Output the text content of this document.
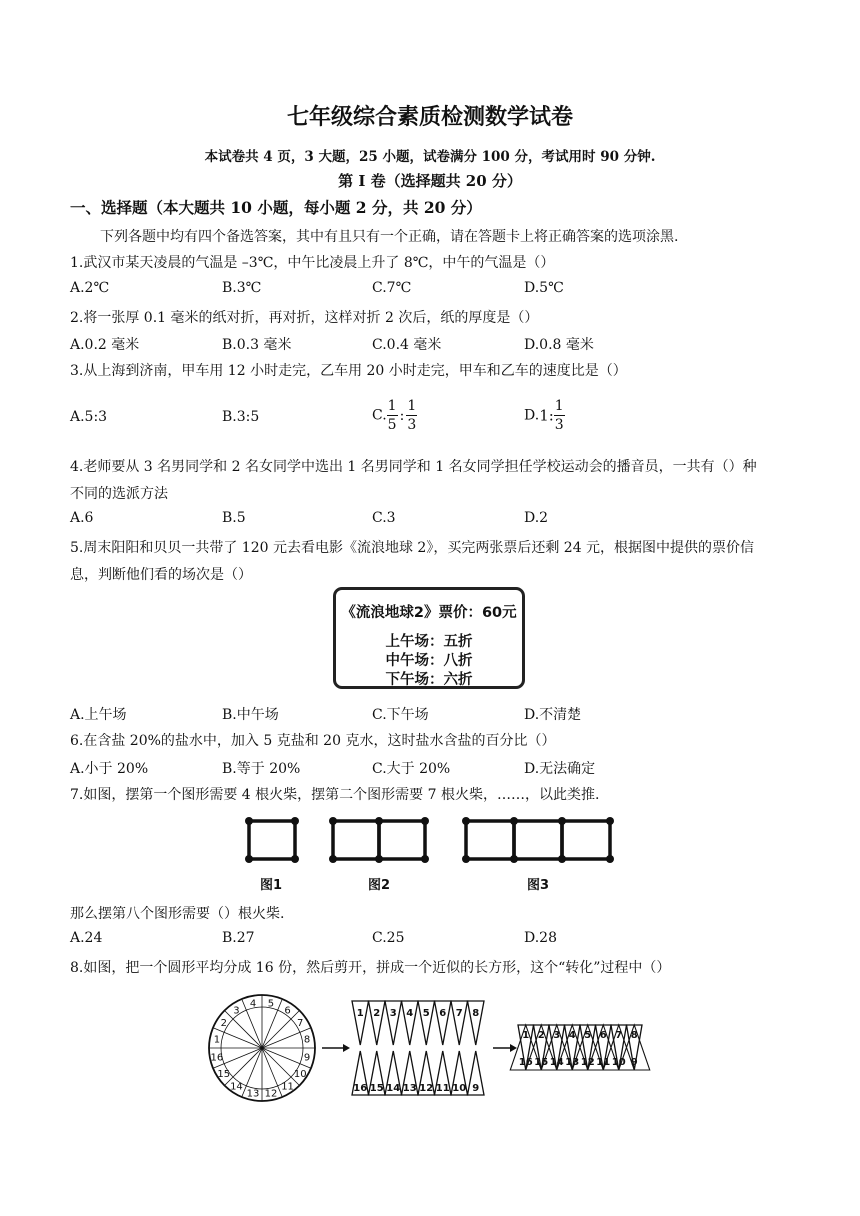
七年级综合素质检测数学试卷
本试卷共 4 页，3 大题，25 小题，试卷满分 100 分，考试用时 90 分钟.
第 I 卷（选择题共 20 分）
一、选择题（本大题共 10 小题，每小题 2 分，共 20 分）
下列各题中均有四个备选答案，其中有且只有一个正确，请在答题卡上将正确答案的选项涂黑.
1.武汉市某天凌晨的气温是 –3℃，中午比凌晨上升了 8℃，中午的气温是（）
A.2℃	B.3℃	C.7℃	D.5℃
2.将一张厚 0.1 毫米的纸对折，再对折，这样对折 2 次后，纸的厚度是（）
A.0.2 毫米	B.0.3 毫米	C.0.4 毫米	D.0.8 毫米
3.从上海到济南，甲车用 12 小时走完，乙车用 20 小时走完，甲车和乙车的速度比是（）
A.5:3	B.3:5	C. $\frac{1}{5}$ : $\frac{1}{3}$	D.1: $\frac{1}{3}$
4.老师要从 3 名男同学和 2 名女同学中选出 1 名男同学和 1 名女同学担任学校运动会的播音员，一共有（）种
不同的选派方法
A.6	B.5	C.3	D.2
5.周末阳阳和贝贝一共带了 120 元去看电影《流浪地球 2》，买完两张票后还剩 24 元，根据图中提供的票价信
息，判断他们看的场次是（）
《流浪地球2》票价：60元
上午场：五折
中午场：八折
下午场：六折
A.上午场	B.中午场	C.下午场	D.不清楚
6.在含盐 20%的盐水中，加入 5 克盐和 20 克水，这时盐水含盐的百分比（）
A.小于 20%	B.等于 20%	C.大于 20%	D.无法确定
7.如图，摆第一个图形需要 4 根火柴，摆第二个图形需要 7 根火柴，……，以此类推.
图1	图2	图3
那么摆第八个图形需要（）根火柴.
A.24	B.27	C.25	D.28
8.如图，把一个圆形平均分成 16 份，然后剪开，拼成一个近似的长方形，这个“转化”过程中（）
1
2
3
4 5
6
7
8
9
10
11
12
13
14
15
16
1
16
2
15
3
14
4
13
5
12
6
11
7
10
8
9
1
16
2
15
3
14
4
13
5
12
6
11
7
10
8
9
